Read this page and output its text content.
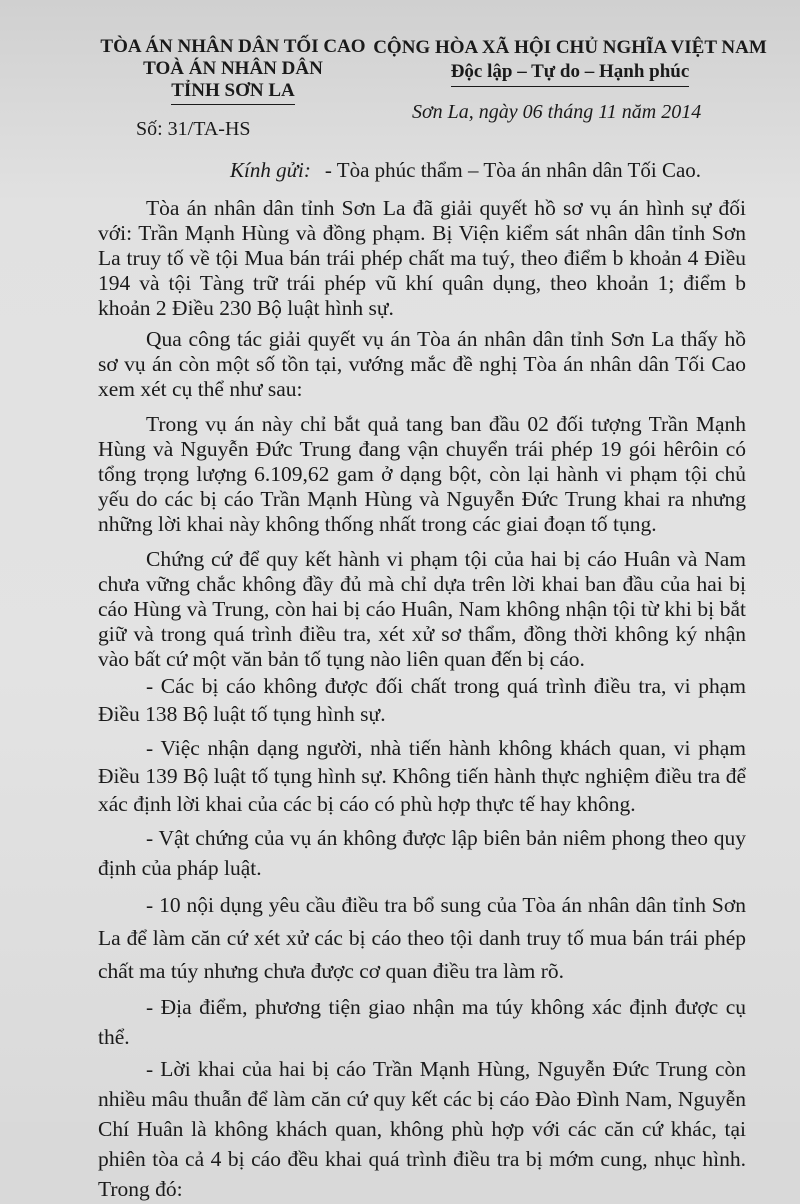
TÒA ÁN NHÂN DÂN TỐI CAO
TOÀ ÁN NHÂN DÂN
TỈNH SƠN LA
CỘNG HÒA XÃ HỘI CHỦ NGHĨA VIỆT NAM
Độc lập – Tự do – Hạnh phúc
Sơn La, ngày 06 tháng 11 năm 2014
Số: 31/TA-HS
Kính gửi: - Tòa phúc thẩm – Tòa án nhân dân Tối Cao.

Tòa án nhân dân tỉnh Sơn La đã giải quyết hồ sơ vụ án hình sự đối với: Trần Mạnh Hùng và đồng phạm. Bị Viện kiểm sát nhân dân tỉnh Sơn La truy tố về tội Mua bán trái phép chất ma tuý, theo điểm b khoản 4 Điều 194 và tội Tàng trữ trái phép vũ khí quân dụng, theo khoản 1; điểm b khoản 2 Điều 230 Bộ luật hình sự.

Qua công tác giải quyết vụ án Tòa án nhân dân tỉnh Sơn La thấy hồ sơ vụ án còn một số tồn tại, vướng mắc đề nghị Tòa án nhân dân Tối Cao xem xét cụ thể như sau:

Trong vụ án này chỉ bắt quả tang ban đầu 02 đối tượng Trần Mạnh Hùng và Nguyễn Đức Trung đang vận chuyển trái phép 19 gói hêrôin có tổng trọng lượng 6.109,62 gam ở dạng bột, còn lại hành vi phạm tội chủ yếu do các bị cáo Trần Mạnh Hùng và Nguyễn Đức Trung khai ra nhưng những lời khai này không thống nhất trong các giai đoạn tố tụng.

Chứng cứ để quy kết hành vi phạm tội của hai bị cáo Huân và Nam chưa vững chắc không đầy đủ mà chỉ dựa trên lời khai ban đầu của hai bị cáo Hùng và Trung, còn hai bị cáo Huân, Nam không nhận tội từ khi bị bắt giữ và trong quá trình điều tra, xét xử sơ thẩm, đồng thời không ký nhận vào bất cứ một văn bản tố tụng nào liên quan đến bị cáo.

- Các bị cáo không được đối chất trong quá trình điều tra, vi phạm Điều 138 Bộ luật tố tụng hình sự.

- Việc nhận dạng người, nhà tiến hành không khách quan, vi phạm Điều 139 Bộ luật tố tụng hình sự. Không tiến hành thực nghiệm điều tra để xác định lời khai của các bị cáo có phù hợp thực tế hay không.

- Vật chứng của vụ án không được lập biên bản niêm phong theo quy định của pháp luật.

- 10 nội dụng yêu cầu điều tra bổ sung của Tòa án nhân dân tỉnh Sơn La để làm căn cứ xét xử các bị cáo theo tội danh truy tố mua bán trái phép chất ma túy nhưng chưa được cơ quan điều tra làm rõ.

- Địa điểm, phương tiện giao nhận ma túy không xác định được cụ thể.

- Lời khai của hai bị cáo Trần Mạnh Hùng, Nguyễn Đức Trung còn nhiều mâu thuẫn để làm căn cứ quy kết các bị cáo Đào Đình Nam, Nguyễn Chí Huân là không khách quan, không phù hợp với các căn cứ khác, tại phiên tòa cả 4 bị cáo đều khai quá trình điều tra bị mớm cung, nhục hình. Trong đó:
